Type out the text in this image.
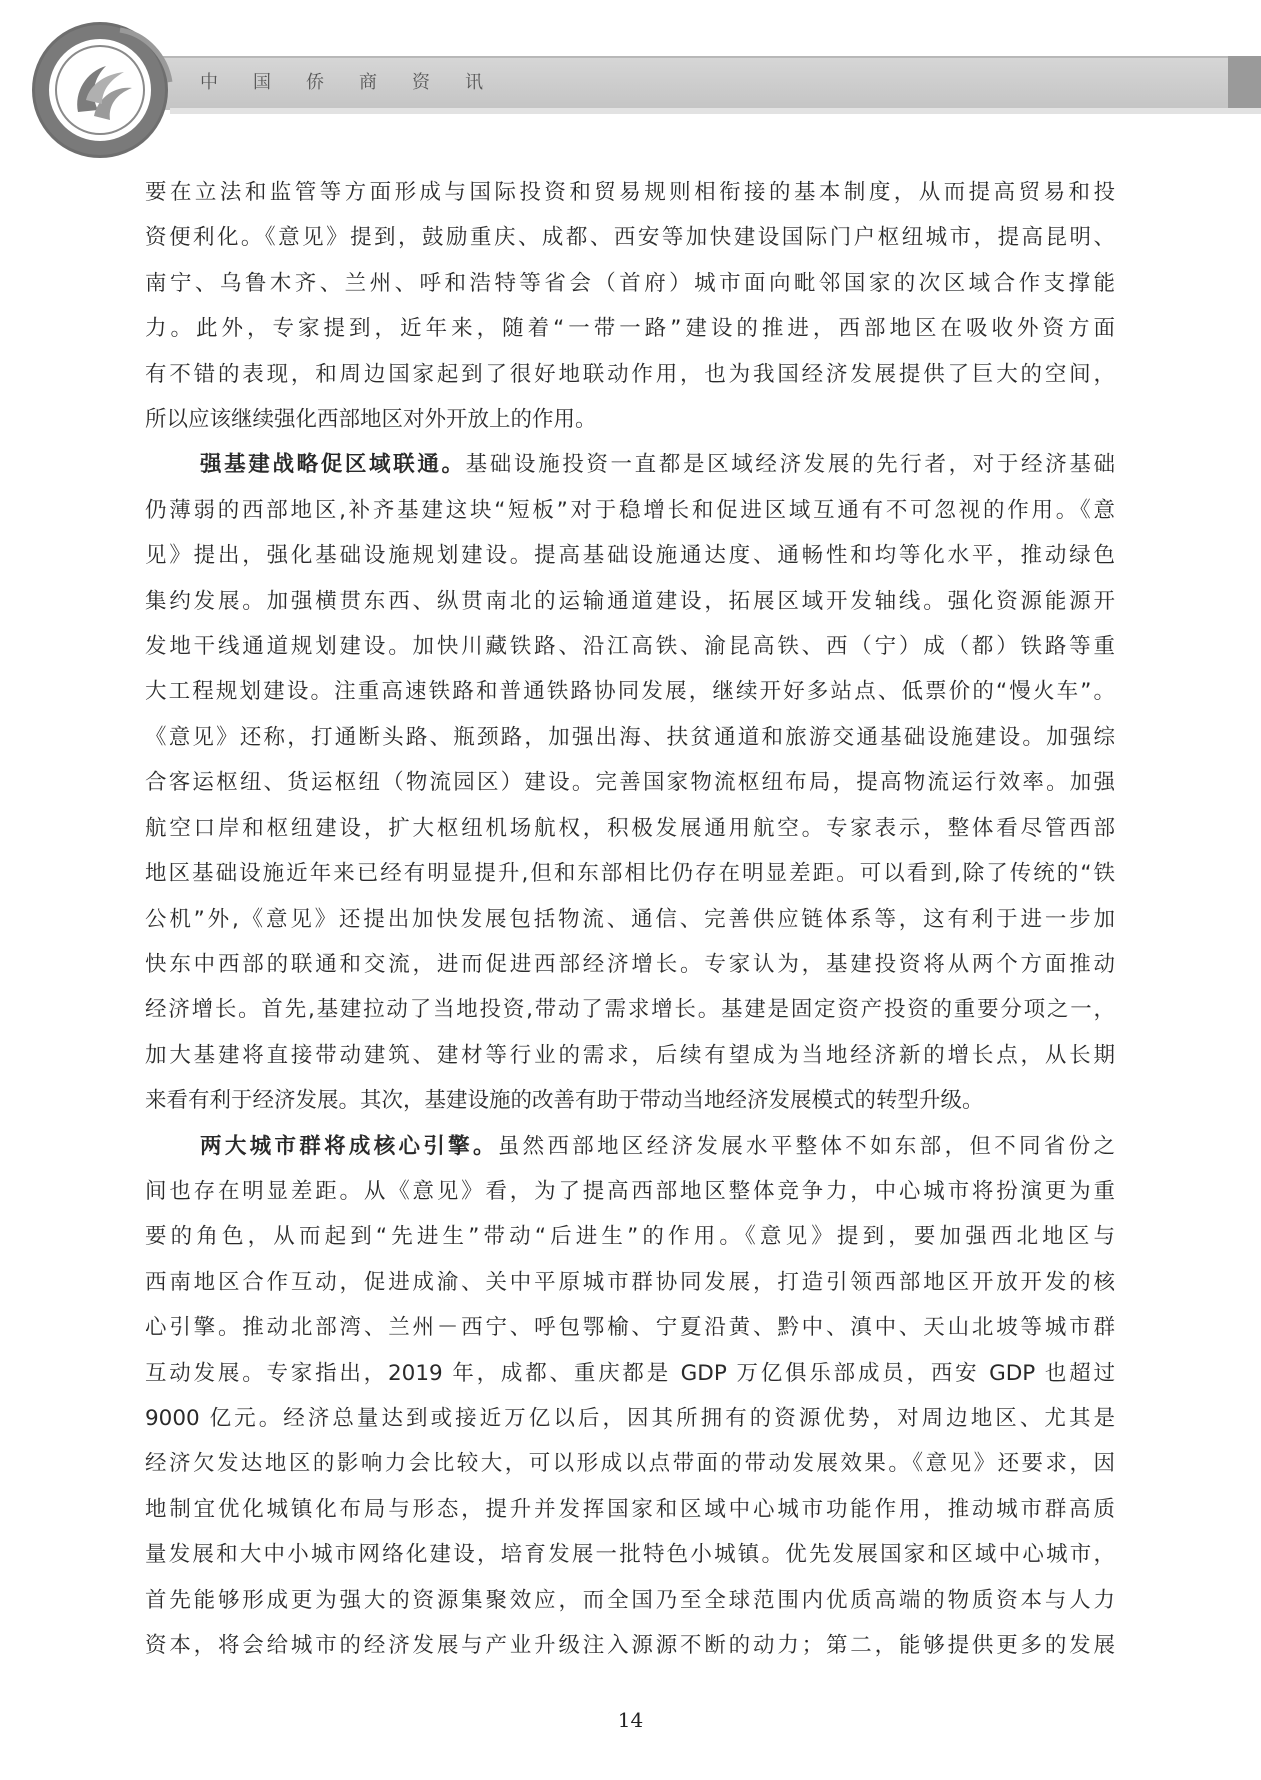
中国侨商资讯
要在立法和监管等方面形成与国际投资和贸易规则相衔接的基本制度，从而提高贸易和投
资便利化。《意见》提到，鼓励重庆、成都、西安等加快建设国际门户枢纽城市，提高昆明、
南宁、乌鲁木齐、兰州、呼和浩特等省会（首府）城市面向毗邻国家的次区域合作支撑能
力。此外，专家提到，近年来，随着“一带一路”建设的推进，西部地区在吸收外资方面
有不错的表现，和周边国家起到了很好地联动作用，也为我国经济发展提供了巨大的空间，
所以应该继续强化西部地区对外开放上的作用。
强基建战略促区域联通。基础设施投资一直都是区域经济发展的先行者，对于经济基础
仍薄弱的西部地区,补齐基建这块“短板”对于稳增长和促进区域互通有不可忽视的作用。《意
见》提出，强化基础设施规划建设。提高基础设施通达度、通畅性和均等化水平，推动绿色
集约发展。加强横贯东西、纵贯南北的运输通道建设，拓展区域开发轴线。强化资源能源开
发地干线通道规划建设。加快川藏铁路、沿江高铁、渝昆高铁、西（宁）成（都）铁路等重
大工程规划建设。注重高速铁路和普通铁路协同发展，继续开好多站点、低票价的“慢火车”。
《意见》还称，打通断头路、瓶颈路，加强出海、扶贫通道和旅游交通基础设施建设。加强综
合客运枢纽、货运枢纽（物流园区）建设。完善国家物流枢纽布局，提高物流运行效率。加强
航空口岸和枢纽建设，扩大枢纽机场航权，积极发展通用航空。专家表示，整体看尽管西部
地区基础设施近年来已经有明显提升,但和东部相比仍存在明显差距。可以看到,除了传统的“铁
公机”外,《意见》还提出加快发展包括物流、通信、完善供应链体系等，这有利于进一步加
快东中西部的联通和交流，进而促进西部经济增长。专家认为，基建投资将从两个方面推动
经济增长。首先,基建拉动了当地投资,带动了需求增长。基建是固定资产投资的重要分项之一，
加大基建将直接带动建筑、建材等行业的需求，后续有望成为当地经济新的增长点，从长期
来看有利于经济发展。其次，基建设施的改善有助于带动当地经济发展模式的转型升级。
两大城市群将成核心引擎。虽然西部地区经济发展水平整体不如东部，但不同省份之
间也存在明显差距。从《意见》看，为了提高西部地区整体竞争力，中心城市将扮演更为重
要的角色，从而起到“先进生”带动“后进生”的作用。《意见》提到，要加强西北地区与
西南地区合作互动，促进成渝、关中平原城市群协同发展，打造引领西部地区开放开发的核
心引擎。推动北部湾、兰州－西宁、呼包鄂榆、宁夏沿黄、黔中、滇中、天山北坡等城市群
互动发展。专家指出，2019 年，成都、重庆都是 GDP 万亿俱乐部成员，西安 GDP 也超过
9000 亿元。经济总量达到或接近万亿以后，因其所拥有的资源优势，对周边地区、尤其是
经济欠发达地区的影响力会比较大，可以形成以点带面的带动发展效果。《意见》还要求，因
地制宜优化城镇化布局与形态，提升并发挥国家和区域中心城市功能作用，推动城市群高质
量发展和大中小城市网络化建设，培育发展一批特色小城镇。优先发展国家和区域中心城市，
首先能够形成更为强大的资源集聚效应，而全国乃至全球范围内优质高端的物质资本与人力
资本，将会给城市的经济发展与产业升级注入源源不断的动力；第二，能够提供更多的发展
14
